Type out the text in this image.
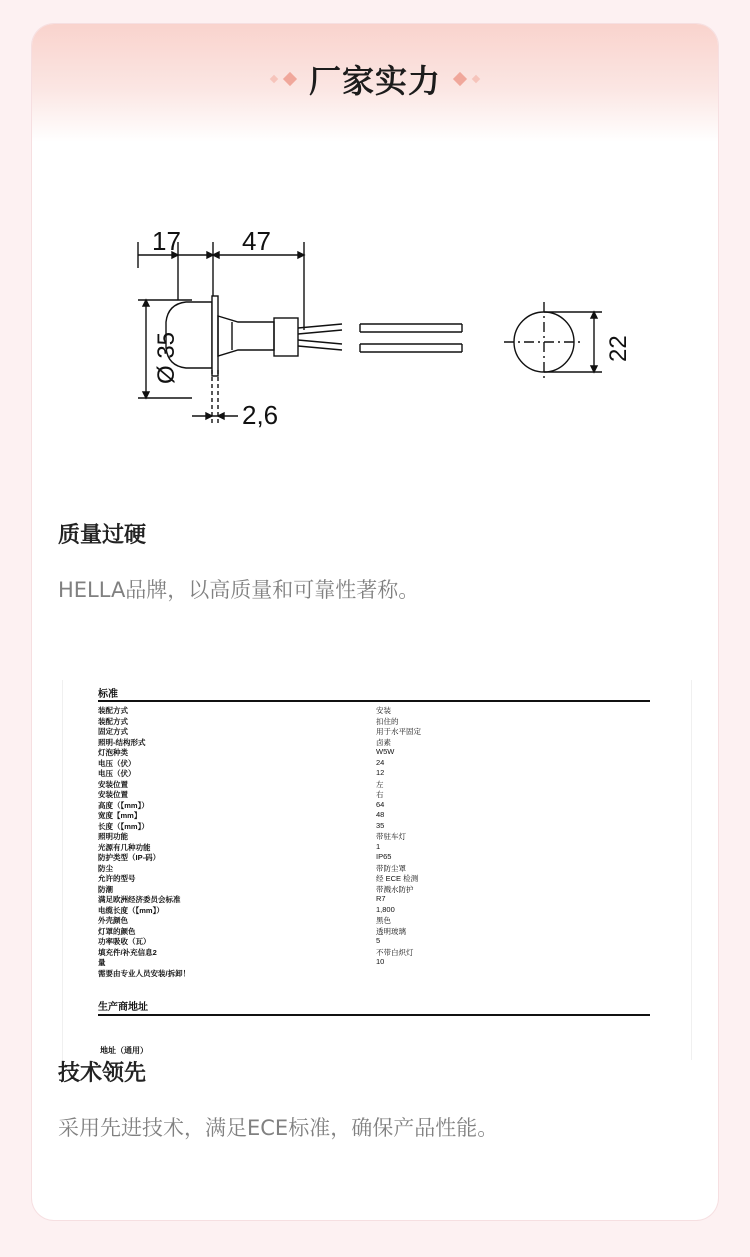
厂家实力
17 47
Ø 35
2,6
22
质量过硬
HELLA品牌，以高质量和可靠性著称。
标准
装配方式	安装
装配方式	扣住的
固定方式	用于水平固定
照明-结构形式	卤素
灯泡种类	W5W
电压（伏）	24
电压（伏）	12
安装位置	左
安装位置	右
高度（【mm】）	64
宽度【mm】	48
长度（【mm】）	35
照明功能	带驻车灯
光源有几种功能	1
防护类型（IP-码）	IP65
防尘	带防尘罩
允许的型号	经 ECE 检测
防潮	带溅水防护
满足欧洲经济委员会标准	R7
电缆长度（【mm】）	1,800
外壳颜色	黑色
灯罩的颜色	透明玻璃
功率吸收（瓦）	5
填充件/补充信息2	不带白炽灯
量	10
需要由专业人员安装/拆卸！
生产商地址
地址（通用）
技术领先
采用先进技术，满足ECE标准，确保产品性能。
